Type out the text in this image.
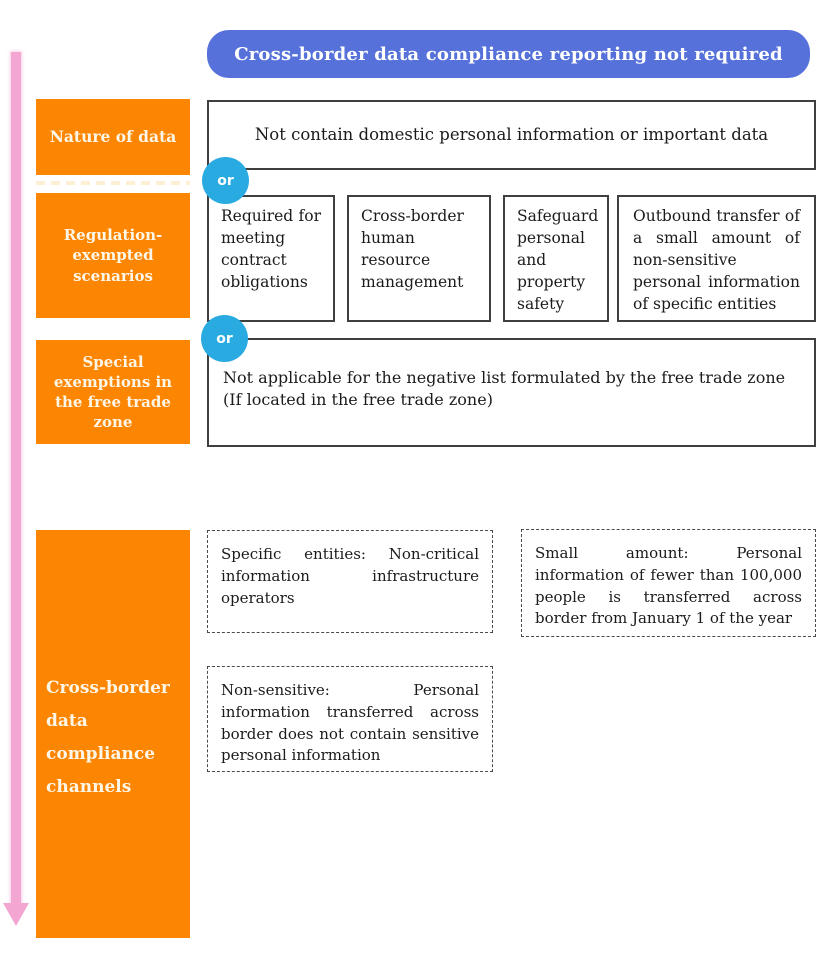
Cross-border data compliance reporting not required
Nature of data	Not contain domestic personal information or important data
or
Regulation-exempted scenarios
Required for meeting contract obligations
Cross-border human resource management
Safeguard personal and property safety
Outbound transfer of a small amount of non-sensitive personal information of specific entities
or
Special exemptions in the free trade zone
Not applicable for the negative list formulated by the free trade zone (If located in the free trade zone)
Cross-border data compliance channels
Specific entities: Non-critical information infrastructure operators
Small amount: Personal information of fewer than 100,000 people is transferred across border from January 1 of the year
Non-sensitive: Personal information transferred across border does not contain sensitive personal information
